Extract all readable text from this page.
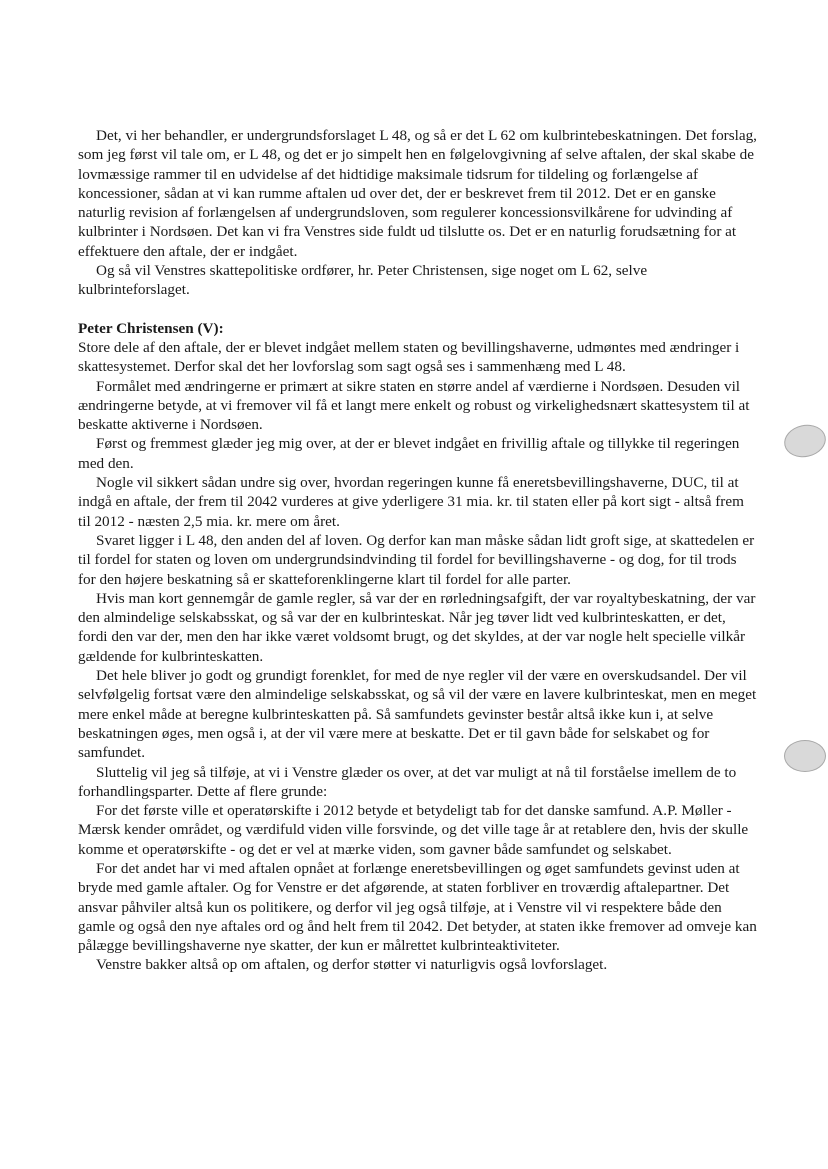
Det, vi her behandler, er undergrundsforslaget L 48, og så er det L 62 om kulbrintebeskatningen. Det forslag, som jeg først vil tale om, er L 48, og det er jo simpelt hen en følgelovgivning af selve aftalen, der skal skabe de lovmæssige rammer til en udvidelse af det hidtidige maksimale tidsrum for tildeling og forlængelse af koncessioner, sådan at vi kan rumme aftalen ud over det, der er beskrevet frem til 2012. Det er en ganske naturlig revision af forlængelsen af undergrundsloven, som regulerer koncessionsvilkårene for udvinding af kulbrinter i Nordsøen. Det kan vi fra Venstres side fuldt ud tilslutte os. Det er en naturlig forudsætning for at effektuere den aftale, der er indgået.

Og så vil Venstres skattepolitiske ordfører, hr. Peter Christensen, sige noget om L 62, selve kulbrinteforslaget.

Peter Christensen (V):

Store dele af den aftale, der er blevet indgået mellem staten og bevillingshaverne, udmøntes med ændringer i skattesystemet. Derfor skal det her lovforslag som sagt også ses i sammenhæng med L 48.

Formålet med ændringerne er primært at sikre staten en større andel af værdierne i Nordsøen. Desuden vil ændringerne betyde, at vi fremover vil få et langt mere enkelt og robust og virkelighedsnært skattesystem til at beskatte aktiverne i Nordsøen.

Først og fremmest glæder jeg mig over, at der er blevet indgået en frivillig aftale og tillykke til regeringen med den.

Nogle vil sikkert sådan undre sig over, hvordan regeringen kunne få eneretsbevillingshaverne, DUC, til at indgå en aftale, der frem til 2042 vurderes at give yderligere 31 mia. kr. til staten eller på kort sigt - altså frem til 2012 - næsten 2,5 mia. kr. mere om året.

Svaret ligger i L 48, den anden del af loven. Og derfor kan man måske sådan lidt groft sige, at skattedelen er til fordel for staten og loven om undergrundsindvinding til fordel for bevillingshaverne - og dog, for til trods for den højere beskatning så er skatteforenklingerne klart til fordel for alle parter.

Hvis man kort gennemgår de gamle regler, så var der en rørledningsafgift, der var royaltybeskatning, der var den almindelige selskabsskat, og så var der en kulbrinteskat. Når jeg tøver lidt ved kulbrinteskatten, er det, fordi den var der, men den har ikke været voldsomt brugt, og det skyldes, at der var nogle helt specielle vilkår gældende for kulbrinteskatten.

Det hele bliver jo godt og grundigt forenklet, for med de nye regler vil der være en overskudsandel. Der vil selvfølgelig fortsat være den almindelige selskabsskat, og så vil der være en lavere kulbrinteskat, men en meget mere enkel måde at beregne kulbrinteskatten på. Så samfundets gevinster består altså ikke kun i, at selve beskatningen øges, men også i, at der vil være mere at beskatte. Det er til gavn både for selskabet og for samfundet.

Sluttelig vil jeg så tilføje, at vi i Venstre glæder os over, at det var muligt at nå til forståelse imellem de to forhandlingsparter. Dette af flere grunde:

For det første ville et operatørskifte i 2012 betyde et betydeligt tab for det danske samfund. A.P. Møller - Mærsk kender området, og værdifuld viden ville forsvinde, og det ville tage år at retablere den, hvis der skulle komme et operatørskifte - og det er vel at mærke viden, som gavner både samfundet og selskabet.

For det andet har vi med aftalen opnået at forlænge eneretsbevillingen og øget samfundets gevinst uden at bryde med gamle aftaler. Og for Venstre er det afgørende, at staten forbliver en troværdig aftalepartner. Det ansvar påhviler altså kun os politikere, og derfor vil jeg også tilføje, at i Venstre vil vi respektere både den gamle og også den nye aftales ord og ånd helt frem til 2042. Det betyder, at staten ikke fremover ad omveje kan pålægge bevillingshaverne nye skatter, der kun er målrettet kulbrinteaktiviteter.

Venstre bakker altså op om aftalen, og derfor støtter vi naturligvis også lovforslaget.
